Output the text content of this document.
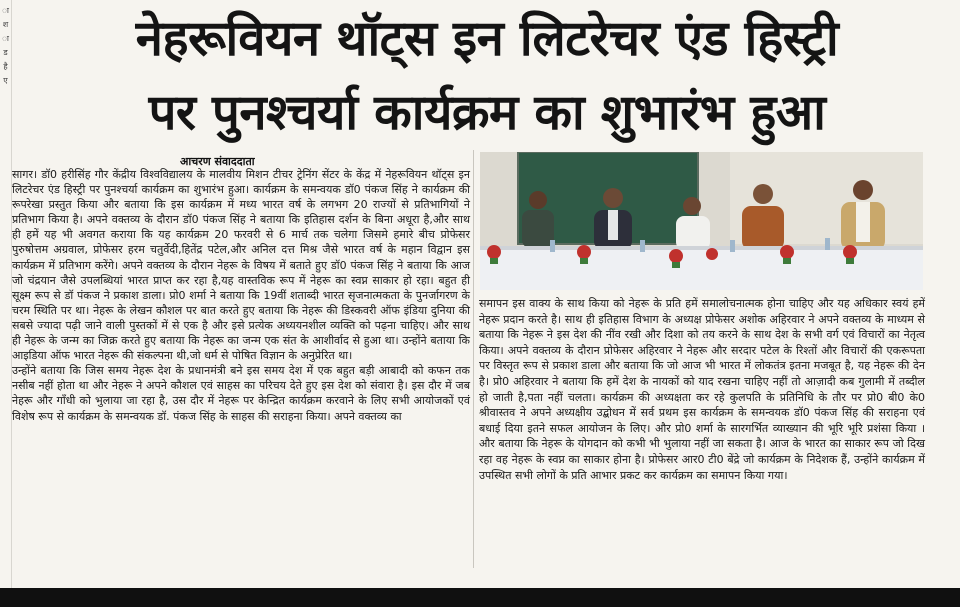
ा
श
ा
ड
है
ए
नेहरूवियन थॉट्स इन लिटरेचर एंड हिस्ट्री
पर पुनश्चर्या कार्यक्रम का शुभारंभ हुआ
आचरण संवाददाता

सागर। डॉ0 हरीसिंह गौर केंद्रीय विश्वविद्यालय के मालवीय मिशन टीचर ट्रेनिंग सेंटर के केंद्र में नेहरूवियन थॉट्स इन लिटरेचर एंड हिस्ट्री पर पुनश्चर्या कार्यक्रम का शुभारंभ हुआ। कार्यक्रम के समन्वयक डॉ0 पंकज सिंह ने कार्यक्रम की रूपरेखा प्रस्तुत किया और बताया कि इस कार्यक्रम में मध्य भारत वर्ष के लगभग 20 राज्यों से प्रतिभागियों ने प्रतिभाग किया है। अपने वक्तव्य के दौरान डॉ0 पंकज सिंह ने बताया कि इतिहास दर्शन के बिना अधूरा है,और साथ ही हमें यह भी अवगत कराया कि यह कार्यक्रम 20 फरवरी से 6 मार्च तक चलेगा जिसमे हमारे बीच प्रोफेसर पुरुषोत्तम अग्रवाल, प्रोफेसर हरम चतुर्वेदी,हितेंद्र पटेल,और अनिल दत्त मिश्र जैसे भारत वर्ष के महान विद्वान इस कार्यक्रम में प्रतिभाग करेंगे। अपने वक्तव्य के दौरान नेहरू के विषय में बताते हुए डॉ0 पंकज सिंह ने बताया कि आज जो चंद्रयान जैसे उपलब्धियां भारत प्राप्त कर रहा है,यह वास्तविक रूप में नेहरू का स्वप्न साकार हो रहा। बहुत ही सूक्ष्म रूप से डॉ पंकज ने प्रकाश डाला। प्रो0 शर्मा ने बताया कि 19वीं शताब्दी भारत सृजनात्मकता के पुनर्जागरण के चरम स्थिति पर था। नेहरू के लेखन कौशल पर बात करते हुए बताया कि नेहरू की डिस्कवरी ऑफ इंडिया दुनिया की सबसे ज्यादा पढ़ी जाने वाली पुस्तकों में से एक है और इसे प्रत्येक अध्ययनशील व्यक्ति को पढ़ना चाहिए। और साथ ही नेहरू के जन्म का जिक्र करते हुए बताया कि नेहरू का जन्म एक संत के आशीर्वाद से हुआ था। उन्होंने बताया कि आइडिया ऑफ भारत नेहरू की संकल्पना थी,जो धर्म से पोषित विज्ञान के अनुप्रेरित था।

उन्होंने बताया कि जिस समय नेहरू देश के प्रधानमंत्री बने इस समय देश में एक बहुत बड़ी आबादी को कफन तक नसीब नहीं होता था और नेहरू ने अपने कौशल एवं साहस का परिचय देते हुए इस देश को संवारा है। इस दौर में जब नेहरू और गाँधी को भुलाया जा रहा है, उस दौर में नेहरू पर केन्द्रित कार्यक्रम करवाने के लिए सभी आयोजकों एवं विशेष रूप से कार्यक्रम के समन्वयक डॉ. पंकज सिंह के साहस की सराहना किया। अपने वक्तव्य का

समापन इस वाक्य के साथ किया को नेहरू के प्रति हमें समालोचनात्मक होना चाहिए और यह अधिकार स्वयं हमें नेहरू प्रदान करते है। साथ ही इतिहास विभाग के अध्यक्ष प्रोफेसर अशोक अहिरवार ने अपने वक्तव्य के माध्यम से बताया कि नेहरू ने इस देश की नींव रखी और दिशा को तय करने के साथ देश के सभी वर्ग एवं विचारों का नेतृत्व किया। अपने वक्तव्य के दौरान प्रोफेसर अहिरवार ने नेहरू और सरदार पटेल के रिश्तों और विचारों की एकरूपता पर विस्तृत रूप से प्रकाश डाला और बताया कि जो आज भी भारत में लोकतंत्र इतना मजबूत है, यह नेहरू की देन है। प्रो0 अहिरवार ने बताया कि हमें देश के नायकों को याद रखना चाहिए नहीं तो आज़ादी कब गुलामी में तब्दील हो जाती है,पता नहीं चलता। कार्यक्रम की अध्यक्षता कर रहे कुलपति के प्रतिनिधि के तौर पर प्रो0 बी0 के0 श्रीवास्तव ने अपने अध्यक्षीय उद्बोधन में सर्व प्रथम इस कार्यक्रम के समन्वयक डॉ0 पंकज सिंह की सराहना एवं बधाई दिया इतने सफल आयोजन के लिए। और प्रो0 शर्मा के सारगर्भित व्याख्यान की भूरि भूरि प्रशंसा किया । और बताया कि नेहरू के योगदान को कभी भी भुलाया नहीं जा सकता है। आज के भारत का साकार रूप जो दिख रहा वह नेहरू के स्वप्न का साकार होना है। प्रोफेसर आर0 टी0 बेंद्रे जो कार्यक्रम के निदेशक हैं, उन्होंने कार्यक्रम में उपस्थित सभी लोगों के प्रति आभार प्रकट कर कार्यक्रम का समापन किया गया।
